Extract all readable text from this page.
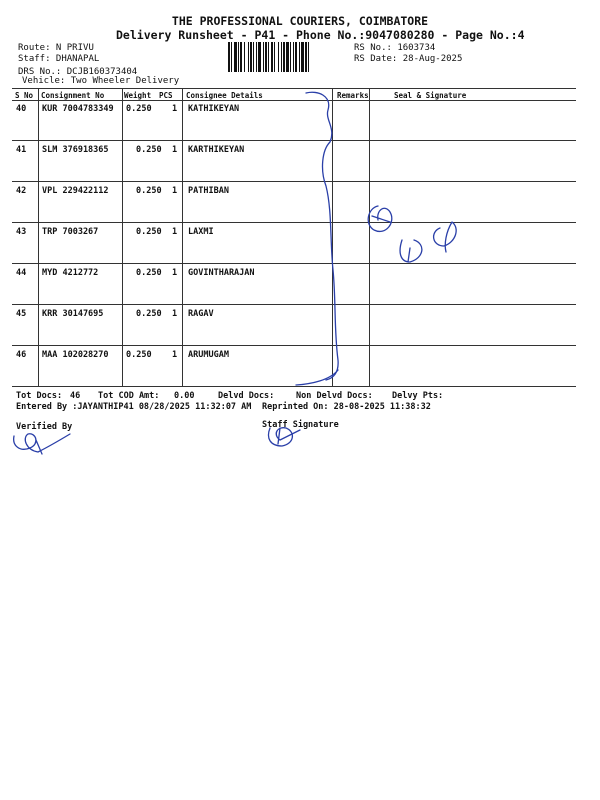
THE PROFESSIONAL COURIERS, COIMBATORE
Delivery Runsheet - P41 - Phone No.:9047080280 - Page No.:4
Route: N PRIVU
Staff: DHANAPAL
DRS No.: DCJB160373404
Vehicle: Two Wheeler Delivery
RS No.: 1603734
RS Date: 28-Aug-2025
S No Consignment No	Weight PCS Consignee Details	Remarks	Seal & Signature
40 KUR 7004783349 0.250 1 KATHIKEYAN
41 SLM 376918365	0.250 1 KARTHIKEYAN
42 VPL 229422112	0.250 1 PATHIBAN
43 TRP 7003267	0.250 1 LAXMI
44 MYD 4212772	0.250 1 GOVINTHARAJAN
45 KRR 30147695	0.250 1 RAGAV
46 MAA 102028270 0.250 1 ARUMUGAM
Tot Docs: 46 Tot COD Amt: 0.00	Delvd Docs:	Non Delvd Docs: Delvy Pts:
Entered By :JAYANTHIP41 08/28/2025 11:32:07 AM Reprinted On: 28-08-2025 11:38:32
Verified By	Staff Signature
